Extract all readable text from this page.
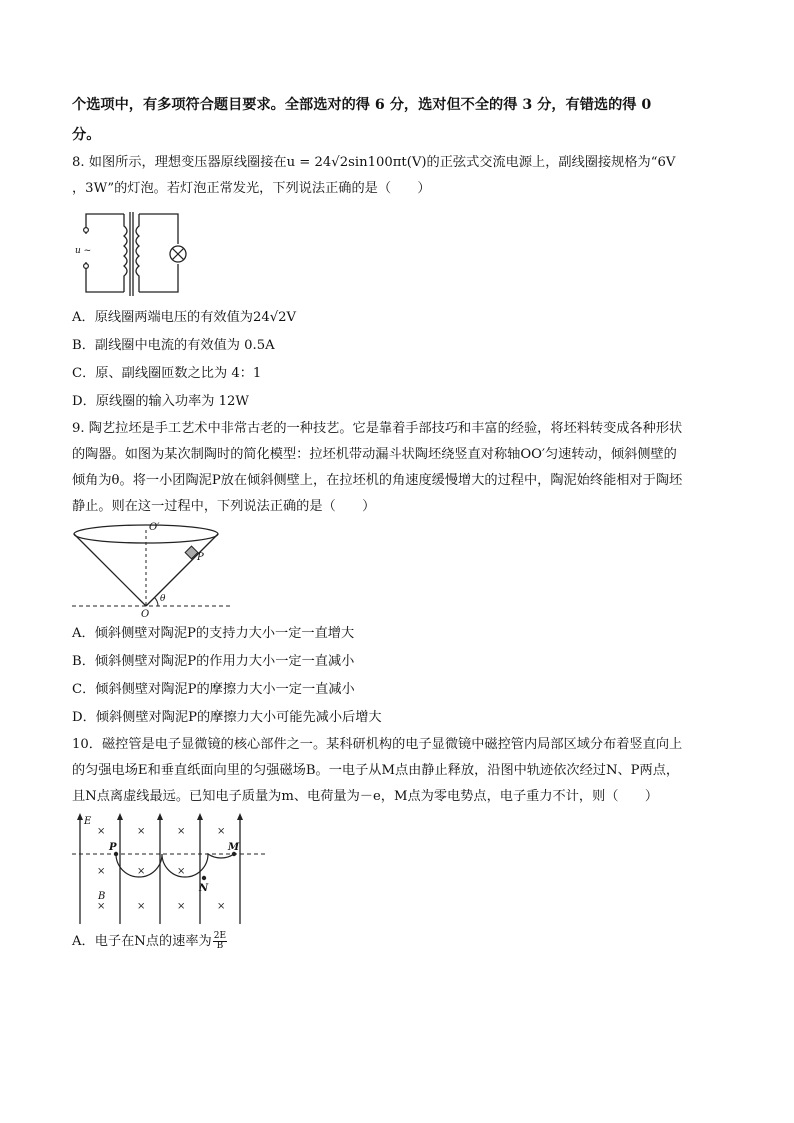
个选项中，有多项符合题目要求。全部选对的得 6 分，选对但不全的得 3 分，有错选的得 0
分。
8. 如图所示，理想变压器原线圈接在u = 24√2sin100πt(V)的正弦式交流电源上，副线圈接规格为“6V
，3W”的灯泡。若灯泡正常发光，下列说法正确的是（　　）
u ~
A．原线圈两端电压的有效值为24√2V
B．副线圈中电流的有效值为 0.5A
C．原、副线圈匝数之比为 4：1
D．原线圈的输入功率为 12W
9. 陶艺拉坯是手工艺术中非常古老的一种技艺。它是靠着手部技巧和丰富的经验，将坯料转变成各种形状
的陶器。如图为某次制陶时的简化模型：拉坯机带动漏斗状陶坯绕竖直对称轴OO′匀速转动，倾斜侧壁的
倾角为θ。将一小团陶泥P放在倾斜侧壁上，在拉坯机的角速度缓慢增大的过程中，陶泥始终能相对于陶坯
静止。则在这一过程中，下列说法正确的是（　　）
O′
O
P
θ
A．倾斜侧壁对陶泥P的支持力大小一定一直增大
B．倾斜侧壁对陶泥P的作用力大小一定一直减小
C．倾斜侧壁对陶泥P的摩擦力大小一定一直减小
D．倾斜侧壁对陶泥P的摩擦力大小可能先减小后增大
10．磁控管是电子显微镜的核心部件之一。某科研机构的电子显微镜中磁控管内局部区域分布着竖直向上
的匀强电场E和垂直纸面向里的匀强磁场B。一电子从M点由静止释放，沿图中轨迹依次经过N、P两点，
且N点离虚线最远。已知电子质量为m、电荷量为－e，M点为零电势点，电子重力不计，则（　　）
×	×	×	×
×	×	×
×	×	×	×
E
B
P	M
N
A．电子在N点的速率为 $\frac{2E}{B}$
